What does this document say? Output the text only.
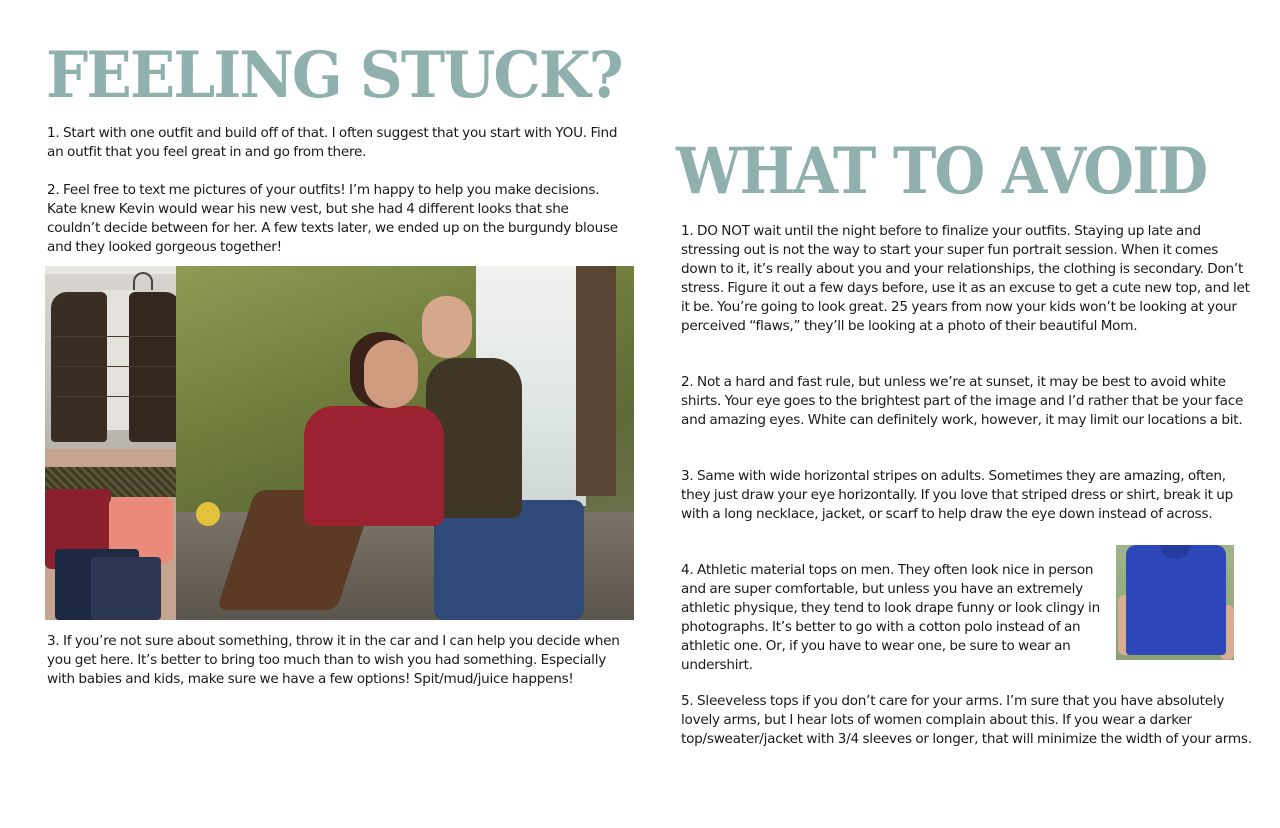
FEELING STUCK?

1. Start with one outfit and build off of that. I often suggest that you start with YOU. Find an outfit that you feel great in and go from there.

2. Feel free to text me pictures of your outfits! I’m happy to help you make decisions. Kate knew Kevin would wear his new vest, but she had 4 different looks that she couldn’t decide between for her. A few texts later, we ended up on the burgundy blouse and they looked gorgeous together!

3. If you’re not sure about something, throw it in the car and I can help you decide when you get here. It’s better to bring too much than to wish you had something. Especially with babies and kids, make sure we have a few options! Spit/mud/juice happens!

WHAT TO AVOID

1. DO NOT wait until the night before to finalize your outfits. Staying up late and stressing out is not the way to start your super fun portrait session. When it comes down to it, it’s really about you and your relationships, the clothing is secondary. Don’t stress. Figure it out a few days before, use it as an excuse to get a cute new top, and let it be. You’re going to look great. 25 years from now your kids won’t be looking at your perceived “flaws,” they’ll be looking at a photo of their beautiful Mom.

2. Not a hard and fast rule, but unless we’re at sunset, it may be best to avoid white shirts. Your eye goes to the brightest part of the image and I’d rather that be your face and amazing eyes. White can definitely work, however, it may limit our locations a bit.

3. Same with wide horizontal stripes on adults. Sometimes they are amazing, often, they just draw your eye horizontally. If you love that striped dress or shirt, break it up with a long necklace, jacket, or scarf to help draw the eye down instead of across.

4. Athletic material tops on men. They often look nice in person and are super comfortable, but unless you have an extremely athletic physique, they tend to look drape funny or look clingy in photographs. It’s better to go with a cotton polo instead of an athletic one. Or, if you have to wear one, be sure to wear an undershirt.

5. Sleeveless tops if you don’t care for your arms. I’m sure that you have absolutely lovely arms, but I hear lots of women complain about this. If you wear a darker top/sweater/jacket with 3/4 sleeves or longer, that will minimize the width of your arms.
